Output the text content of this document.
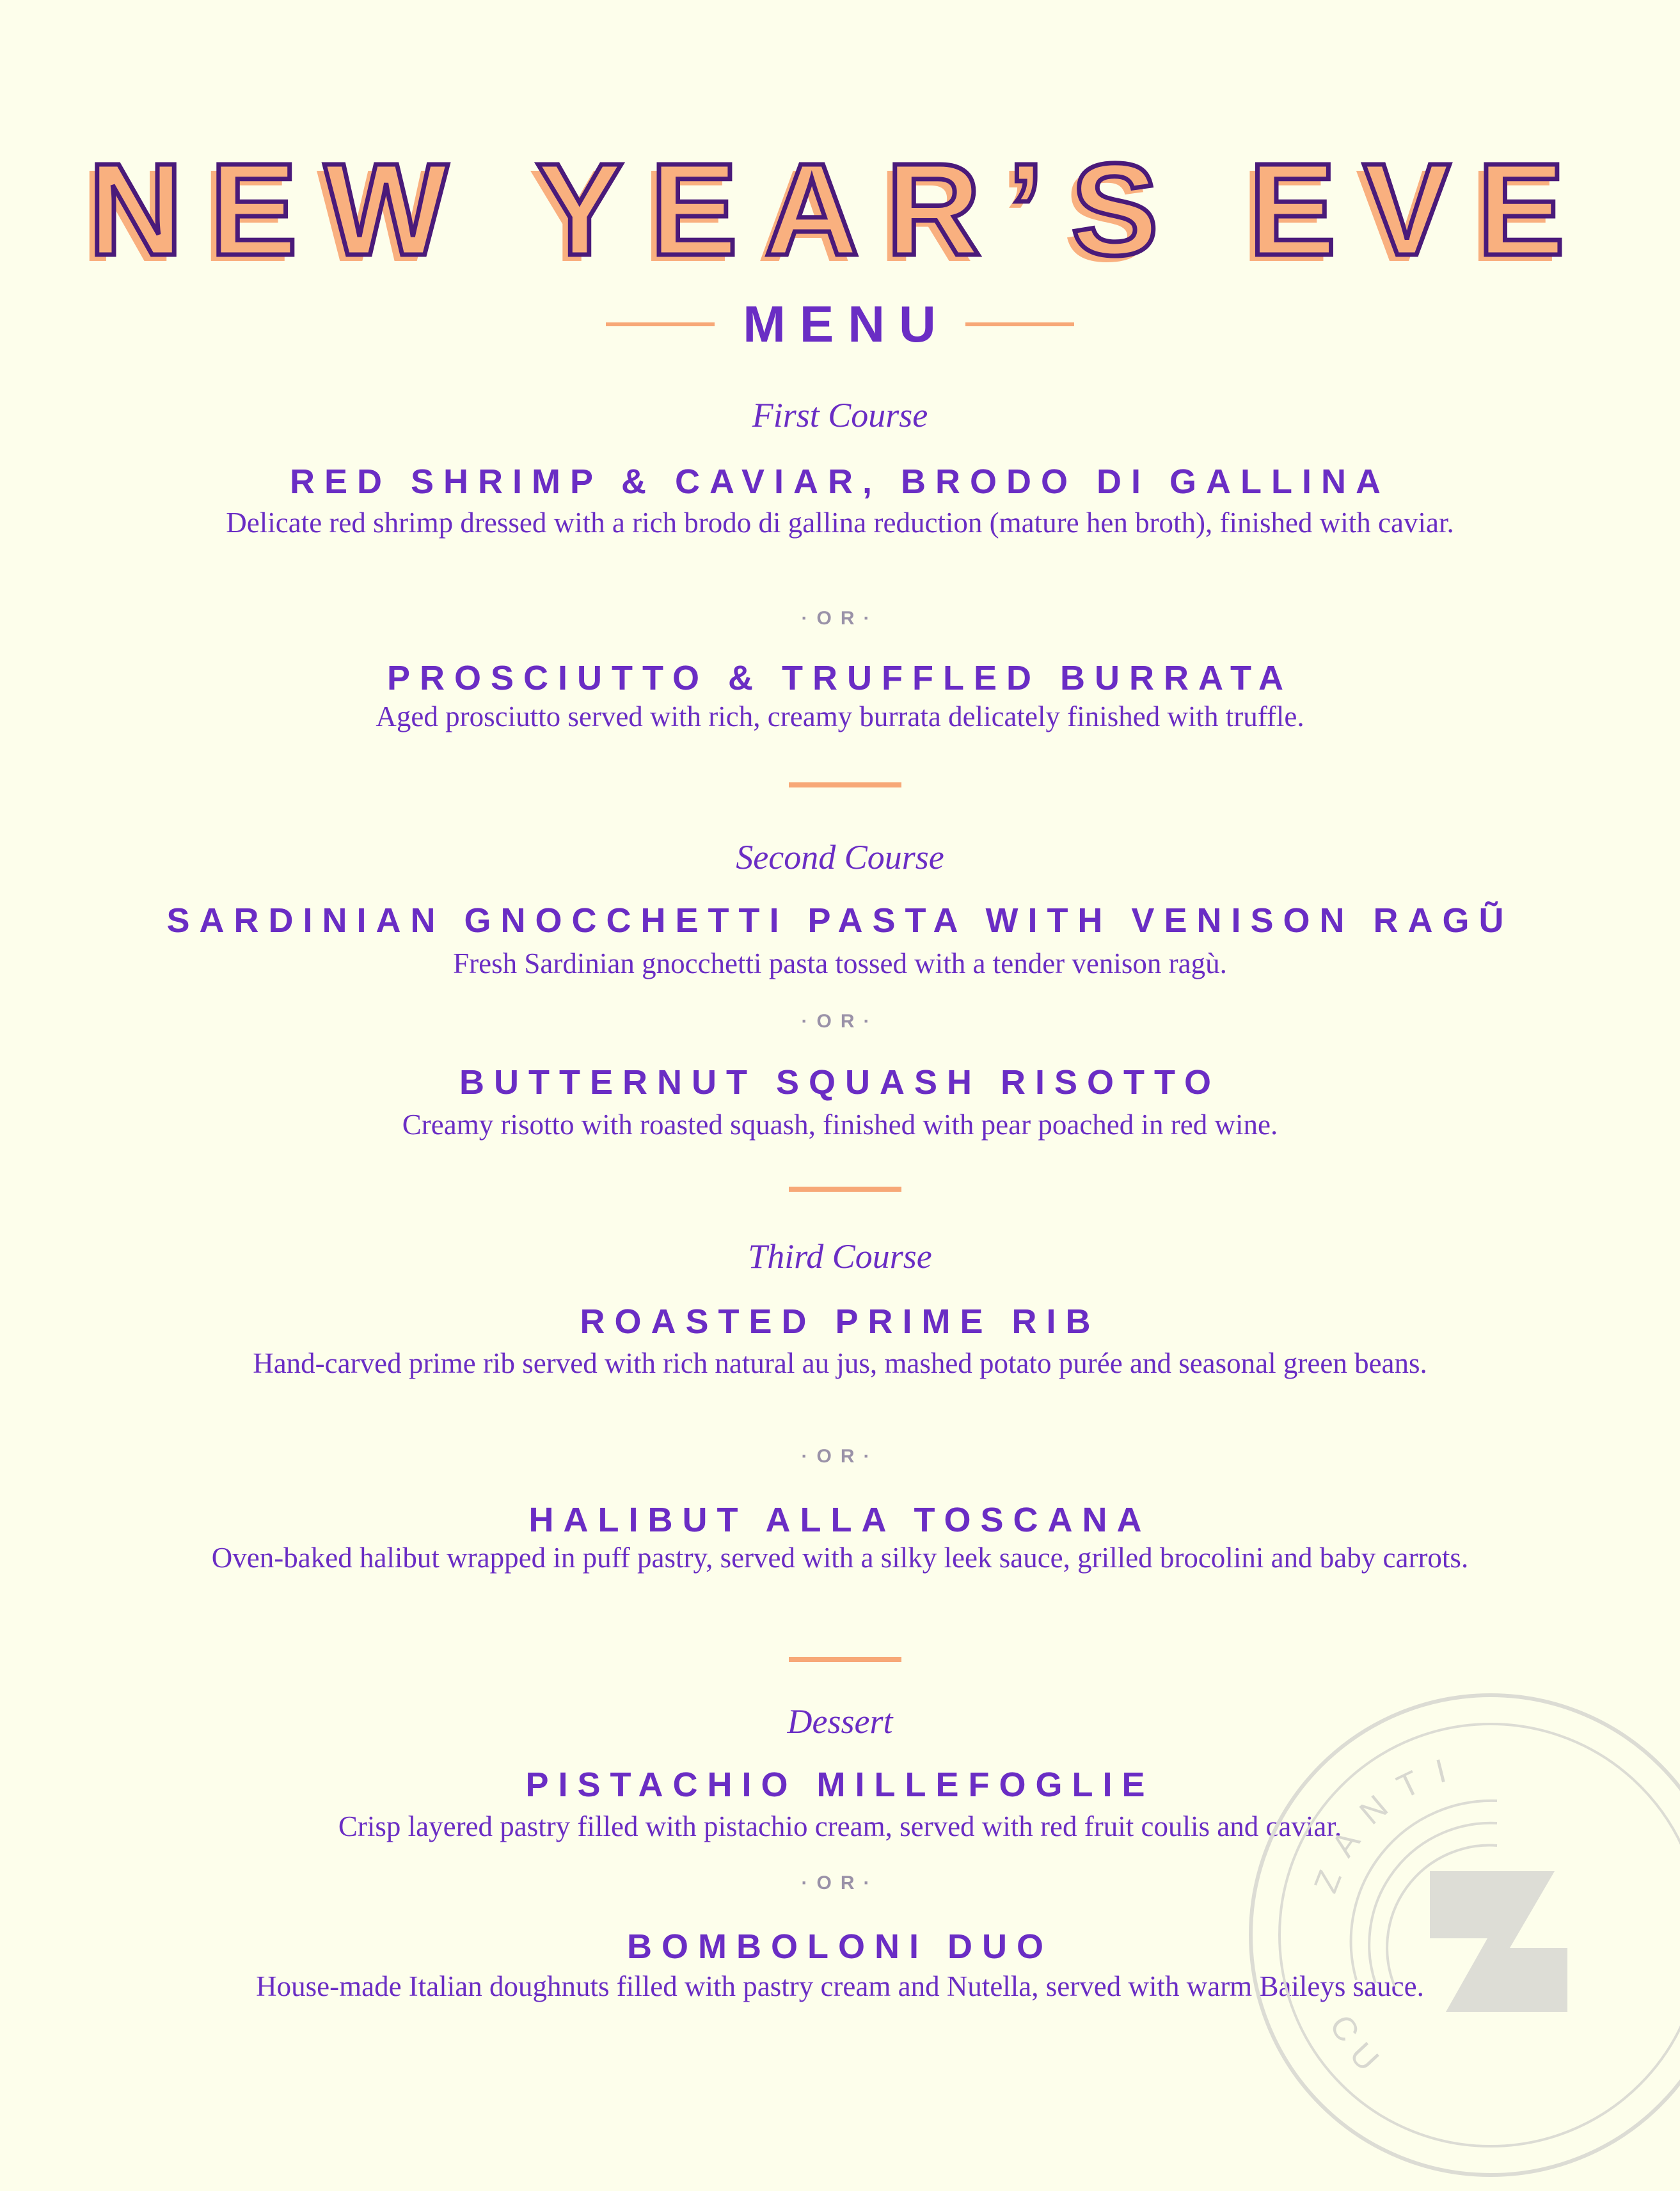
NEW YEAR’S EVE
MENU
First Course
RED SHRIMP & CAVIAR, BRODO DI GALLINA
Delicate red shrimp dressed with a rich brodo di gallina reduction (mature hen broth), finished with caviar.
·OR·
PROSCIUTTO & TRUFFLED BURRATA
Aged prosciutto served with rich, creamy burrata delicately finished with truffle.
Second Course
SARDINIAN GNOCCHETTI PASTA WITH VENISON RAGŨ
Fresh Sardinian gnocchetti pasta tossed with a tender venison ragù.
·OR·
BUTTERNUT SQUASH RISOTTO
Creamy risotto with roasted squash, finished with pear poached in red wine.
Third Course
ROASTED PRIME RIB
Hand-carved prime rib served with rich natural au jus, mashed potato purée and seasonal green beans.
·OR·
HALIBUT ALLA TOSCANA
Oven-baked halibut wrapped in puff pastry, served with a silky leek sauce, grilled brocolini and baby carrots.
Dessert
PISTACHIO MILLEFOGLIE
Crisp layered pastry filled with pistachio cream, served with red fruit coulis and caviar.
·OR·
BOMBOLONI DUO
House-made Italian doughnuts filled with pastry cream and Nutella, served with warm Baileys sauce.
ZANTI
CU
